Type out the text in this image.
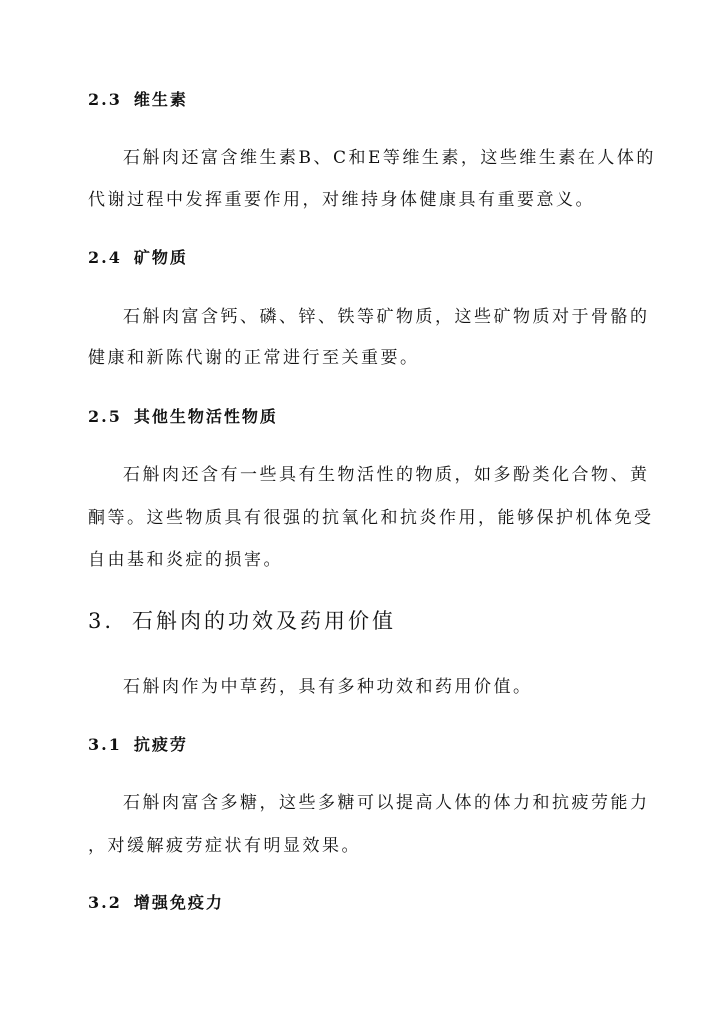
2.3 维生素
石斛肉还富含维生素B、C和E等维生素，这些维生素在人体的
代谢过程中发挥重要作用，对维持身体健康具有重要意义。
2.4 矿物质
石斛肉富含钙、磷、锌、铁等矿物质，这些矿物质对于骨骼的
健康和新陈代谢的正常进行至关重要。
2.5 其他生物活性物质
石斛肉还含有一些具有生物活性的物质，如多酚类化合物、黄
酮等。这些物质具有很强的抗氧化和抗炎作用，能够保护机体免受
自由基和炎症的损害。
3. 石斛肉的功效及药用价值
石斛肉作为中草药，具有多种功效和药用价值。
3.1 抗疲劳
石斛肉富含多糖，这些多糖可以提高人体的体力和抗疲劳能力
，对缓解疲劳症状有明显效果。
3.2 增强免疫力
